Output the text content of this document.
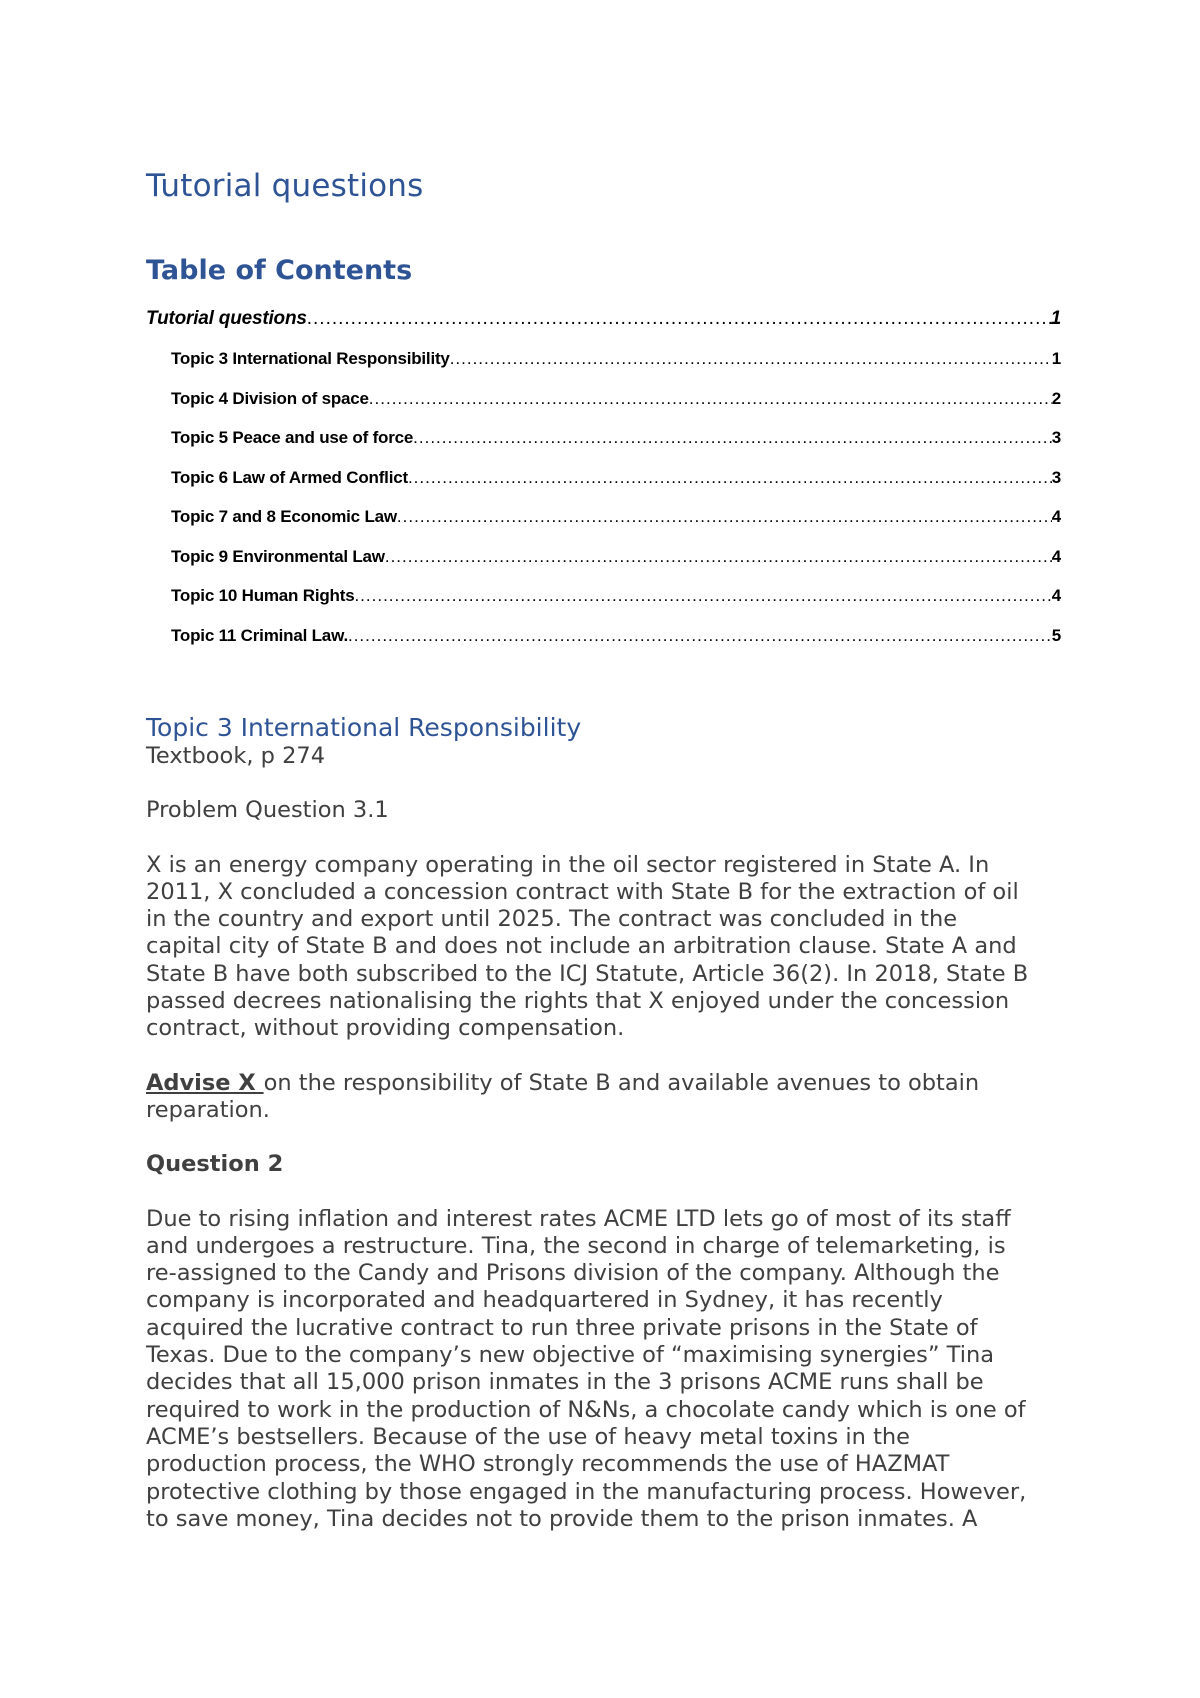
Tutorial questions
Table of Contents
Tutorial questions .....	1
Topic 3 International Responsibility .....	1
Topic 4 Division of space .....	2
Topic 5 Peace and use of force .....	3
Topic 6 Law of Armed Conflict .....	3
Topic 7 and 8 Economic Law .....	4
Topic 9 Environmental Law .....	4
Topic 10 Human Rights .....	4
Topic 11 Criminal Law. .....	5
Topic 3 International Responsibility

Textbook, p 274

Problem Question 3.1

X is an energy company operating in the oil sector registered in State A. In
2011, X concluded a concession contract with State B for the extraction of oil
in the country and export until 2025. The contract was concluded in the
capital city of State B and does not include an arbitration clause. State A and
State B have both subscribed to the ICJ Statute, Article 36(2). In 2018, State B
passed decrees nationalising the rights that X enjoyed under the concession
contract, without providing compensation.
Advise X on the responsibility of State B and available avenues to obtain
reparation.

Question 2

Due to rising inflation and interest rates ACME LTD lets go of most of its staff
and undergoes a restructure. Tina, the second in charge of telemarketing, is
re-assigned to the Candy and Prisons division of the company. Although the
company is incorporated and headquartered in Sydney, it has recently
acquired the lucrative contract to run three private prisons in the State of
Texas. Due to the company’s new objective of “maximising synergies” Tina
decides that all 15,000 prison inmates in the 3 prisons ACME runs shall be
required to work in the production of N&Ns, a chocolate candy which is one of
ACME’s bestsellers. Because of the use of heavy metal toxins in the
production process, the WHO strongly recommends the use of HAZMAT
protective clothing by those engaged in the manufacturing process. However,
to save money, Tina decides not to provide them to the prison inmates. A
